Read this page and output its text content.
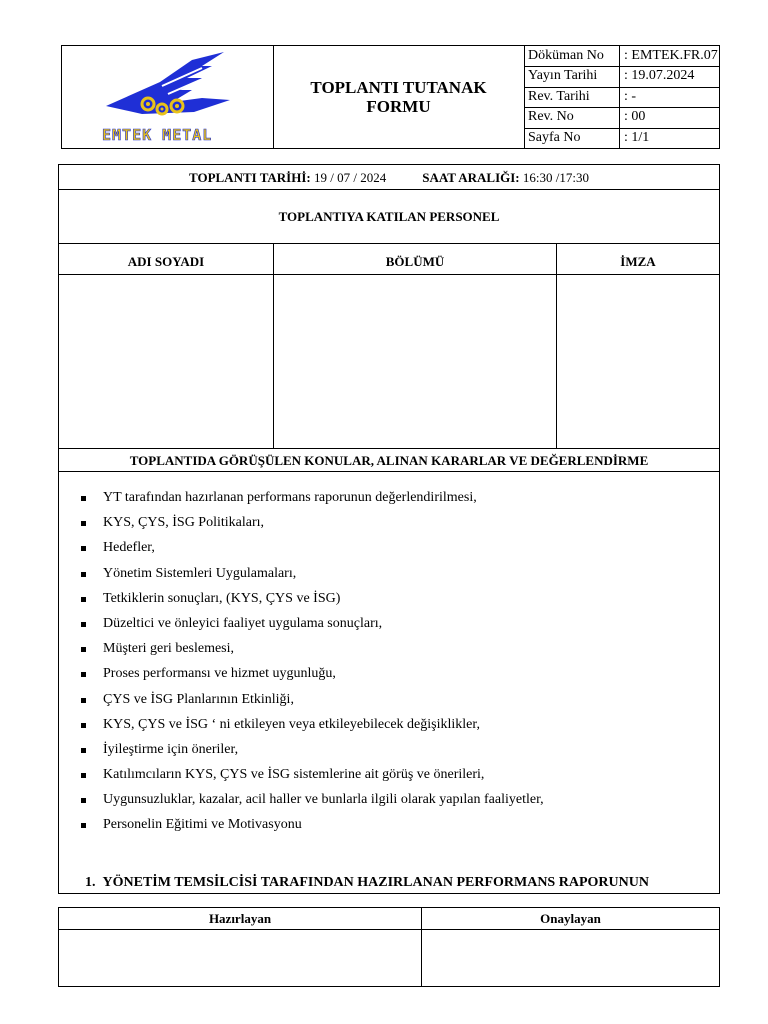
EMTEK METAL
TOPLANTI TUTANAK
FORMU
Döküman No	: EMTEK.FR.07
Yayın Tarihi	: 19.07.2024
Rev. Tarihi	: -
Rev. No	: 00
Sayfa No	: 1/1
TOPLANTI TARİHİ:
19 / 07 / 2024	SAAT ARALIĞI:
16:30 /17:30
TOPLANTIYA KATILAN PERSONEL
ADI SOYADI	BÖLÜMÜ	İMZA
TOPLANTIDA GÖRÜŞÜLEN KONULAR, ALINAN KARARLAR VE DEĞERLENDİRME
YT tarafından hazırlanan performans raporunun değerlendirilmesi,
KYS, ÇYS, İSG Politikaları,
Hedefler,
Yönetim Sistemleri Uygulamaları,
Tetkiklerin sonuçları, (KYS, ÇYS ve İSG)
Düzeltici ve önleyici faaliyet uygulama sonuçları,
Müşteri geri beslemesi,
Proses performansı ve hizmet uygunluğu,
ÇYS ve İSG Planlarının Etkinliği,
KYS, ÇYS ve İSG ‘ ni etkileyen veya etkileyebilecek değişiklikler,
İyileştirme için öneriler,
Katılımcıların KYS, ÇYS ve İSG sistemlerine ait görüş ve önerileri,
Uygunsuzluklar, kazalar, acil haller ve bunlarla ilgili olarak yapılan faaliyetler,
Personelin Eğitimi ve Motivasyonu
1. YÖNETİM TEMSİLCİSİ TARAFINDAN HAZIRLANAN PERFORMANS RAPORUNUN
Hazırlayan	Onaylayan
